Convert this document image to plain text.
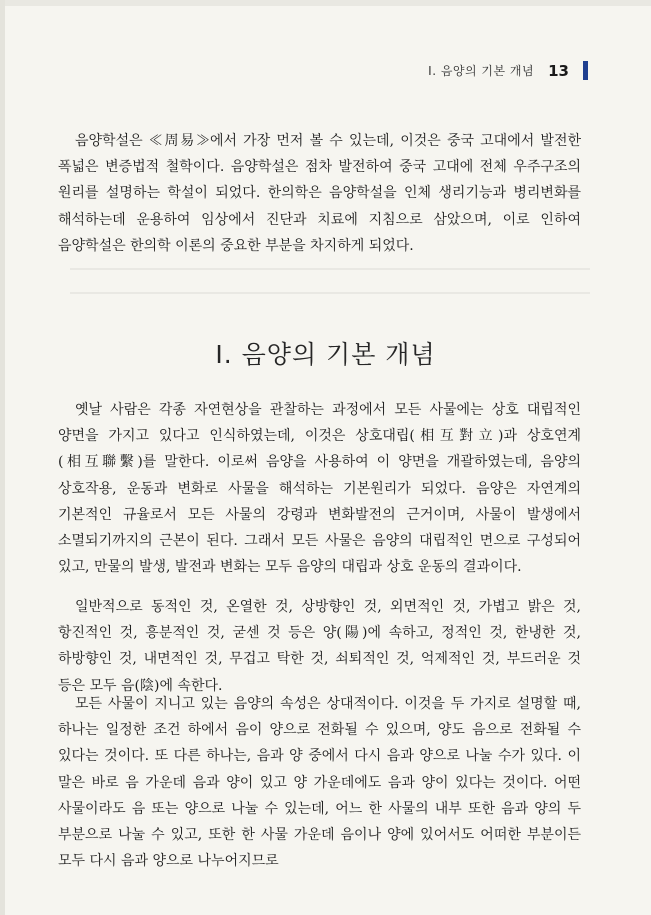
Ⅰ. 음양의 기본 개념 13

음양학설은 ≪周易≫에서 가장 먼저 볼 수 있는데, 이것은 중국 고대에서 발전한 폭넓은 변증법적 철학이다. 음양학설은 점차 발전하여 중국 고대에 전체 우주구조의 원리를 설명하는 학설이 되었다. 한의학은 음양학설을 인체 생리기능과 병리변화를 해석하는데 운용하여 임상에서 진단과 치료에 지침으로 삼았으며, 이로 인하여 음양학설은 한의학 이론의 중요한 부분을 차지하게 되었다.

Ⅰ. 음양의 기본 개념

옛날 사람은 각종 자연현상을 관찰하는 과정에서 모든 사물에는 상호 대립적인 양면을 가지고 있다고 인식하였는데, 이것은 상호대립(相互對立)과 상호연계(相互聯繫)를 말한다. 이로써 음양을 사용하여 이 양면을 개괄하였는데, 음양의 상호작용, 운동과 변화로 사물을 해석하는 기본원리가 되었다. 음양은 자연계의 기본적인 규율로서 모든 사물의 강령과 변화발전의 근거이며, 사물이 발생에서 소멸되기까지의 근본이 된다. 그래서 모든 사물은 음양의 대립적인 면으로 구성되어 있고, 만물의 발생, 발전과 변화는 모두 음양의 대립과 상호 운동의 결과이다.

일반적으로 동적인 것, 온열한 것, 상방향인 것, 외면적인 것, 가볍고 밝은 것, 항진적인 것, 흥분적인 것, 굳센 것 등은 양(陽)에 속하고, 정적인 것, 한냉한 것, 하방향인 것, 내면적인 것, 무겁고 탁한 것, 쇠퇴적인 것, 억제적인 것, 부드러운 것 등은 모두 음(陰)에 속한다.

모든 사물이 지니고 있는 음양의 속성은 상대적이다. 이것을 두 가지로 설명할 때, 하나는 일정한 조건 하에서 음이 양으로 전화될 수 있으며, 양도 음으로 전화될 수 있다는 것이다. 또 다른 하나는, 음과 양 중에서 다시 음과 양으로 나눌 수가 있다. 이 말은 바로 음 가운데 음과 양이 있고 양 가운데에도 음과 양이 있다는 것이다. 어떤 사물이라도 음 또는 양으로 나눌 수 있는데, 어느 한 사물의 내부 또한 음과 양의 두 부분으로 나눌 수 있고, 또한 한 사물 가운데 음이나 양에 있어서도 어떠한 부분이든 모두 다시 음과 양으로 나누어지므로
